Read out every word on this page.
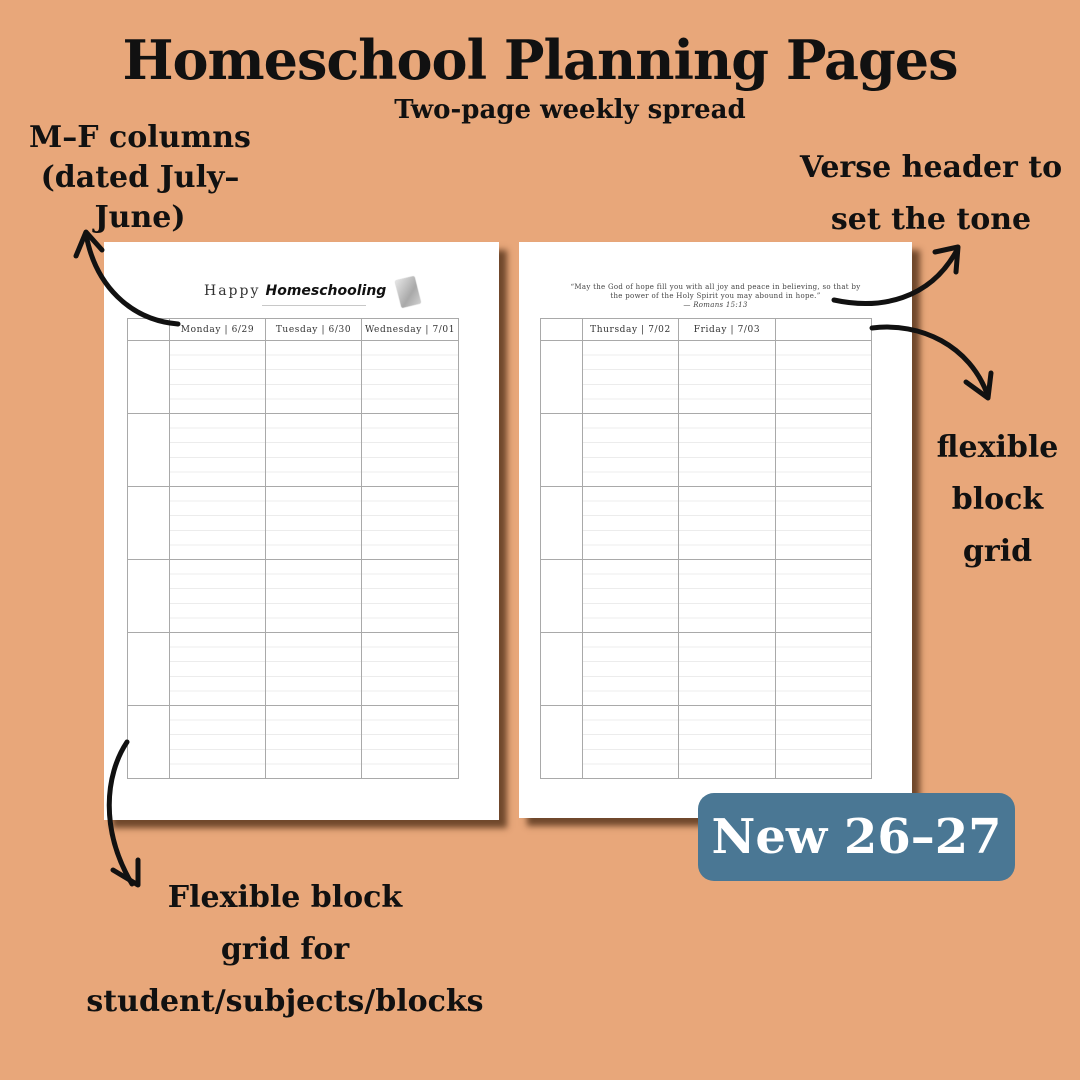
Homeschool Planning Pages
Two-page weekly spread
M–F columns
(dated July–
June)
Verse header to
set the tone
flexible
block
grid
Flexible block
grid for
student/subjects/blocks
Happy Homeschooling
	Monday | 6/29	Tuesday | 6/30	Wednesday | 7/01

“May the God of hope fill you with all joy and peace in believing, so that by
the power of the Holy Spirit you may abound in hope.”
— Romans 15:13
	Thursday | 7/02	Friday | 7/03	

New 26–27
